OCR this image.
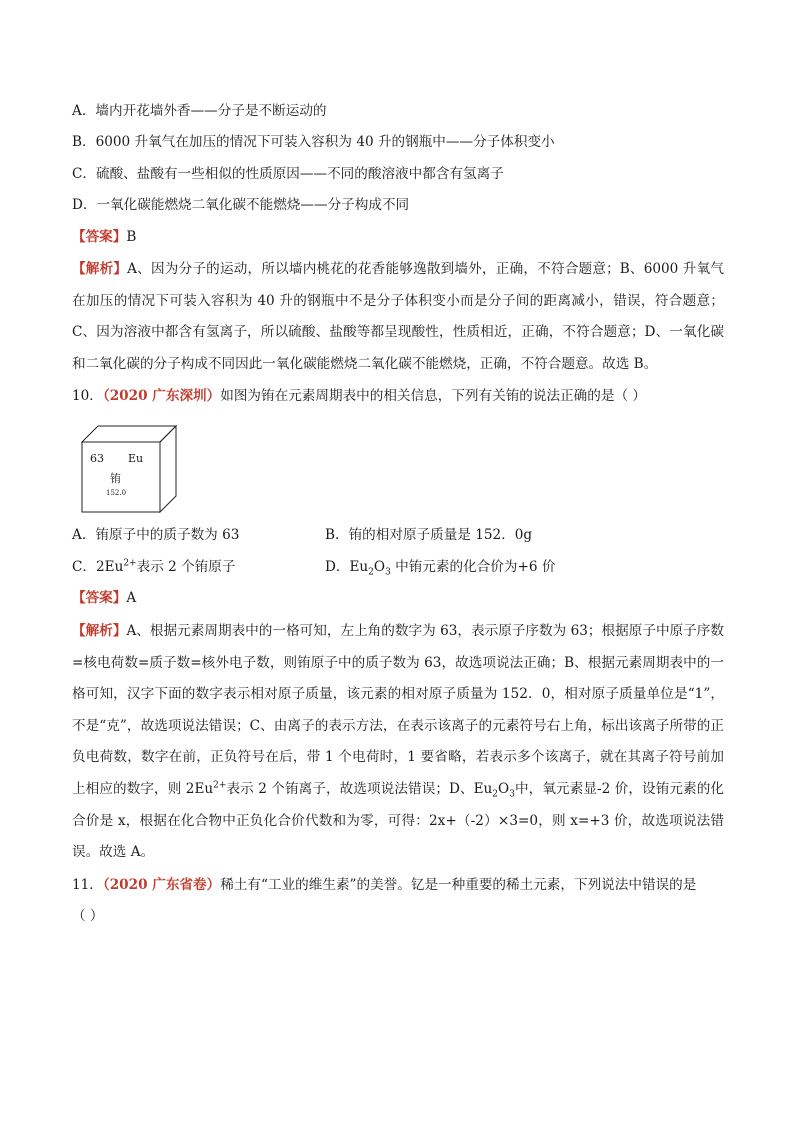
A．墙内开花墙外香——分子是不断运动的
B．6000 升氧气在加压的情况下可装入容积为 40 升的钢瓶中——分子体积变小
C．硫酸、盐酸有一些相似的性质原因——不同的酸溶液中都含有氢离子
D．一氧化碳能燃烧二氧化碳不能燃烧——分子构成不同
【答案】B
【解析】A、因为分子的运动，所以墙内桃花的花香能够逸散到墙外，正确，不符合题意；B、6000 升氧气在加压的情况下可装入容积为 40 升的钢瓶中不是分子体积变小而是分子间的距离减小，错误，符合题意；C、因为溶液中都含有氢离子，所以硫酸、盐酸等都呈现酸性，性质相近，正确，不符合题意；D、一氧化碳和二氧化碳的分子构成不同因此一氧化碳能燃烧二氧化碳不能燃烧，正确，不符合题意。故选 B。
10．（2020 广东深圳）如图为铕在元素周期表中的相关信息，下列有关铕的说法正确的是（ ）
63 Eu
铕
152.0
A．铕原子中的质子数为 63	B．铕的相对原子质量是 152．0g
C．$2Eu^{2+}$表示 2 个铕原子	D．$Eu_2O_3$ 中铕元素的化合价为+6 价
【答案】A
【解析】A、根据元素周期表中的一格可知，左上角的数字为 63，表示原子序数为 63；根据原子中原子序数=核电荷数=质子数=核外电子数，则铕原子中的质子数为 63，故选项说法正确；B、根据元素周期表中的一格可知，汉字下面的数字表示相对原子质量，该元素的相对原子质量为 152．0，相对原子质量单位是“1”，不是“克”，故选项说法错误；C、由离子的表示方法，在表示该离子的元素符号右上角，标出该离子所带的正负电荷数，数字在前，正负符号在后，带 1 个电荷时，1 要省略，若表示多个该离子，就在其离子符号前加上相应的数字，则 $2Eu^{2+}$表示 2 个铕离子，故选项说法错误；D、$Eu_2O_3$中，氧元素显-2 价，设铕元素的化合价是 x，根据在化合物中正负化合价代数和为零，可得：2x+（-2）×3=0，则 x=+3 价，故选项说法错误。故选 A。
11．（2020 广东省卷）稀土有“工业的维生素”的美誉。钇是一种重要的稀土元素，下列说法中错误的是
（ ）
